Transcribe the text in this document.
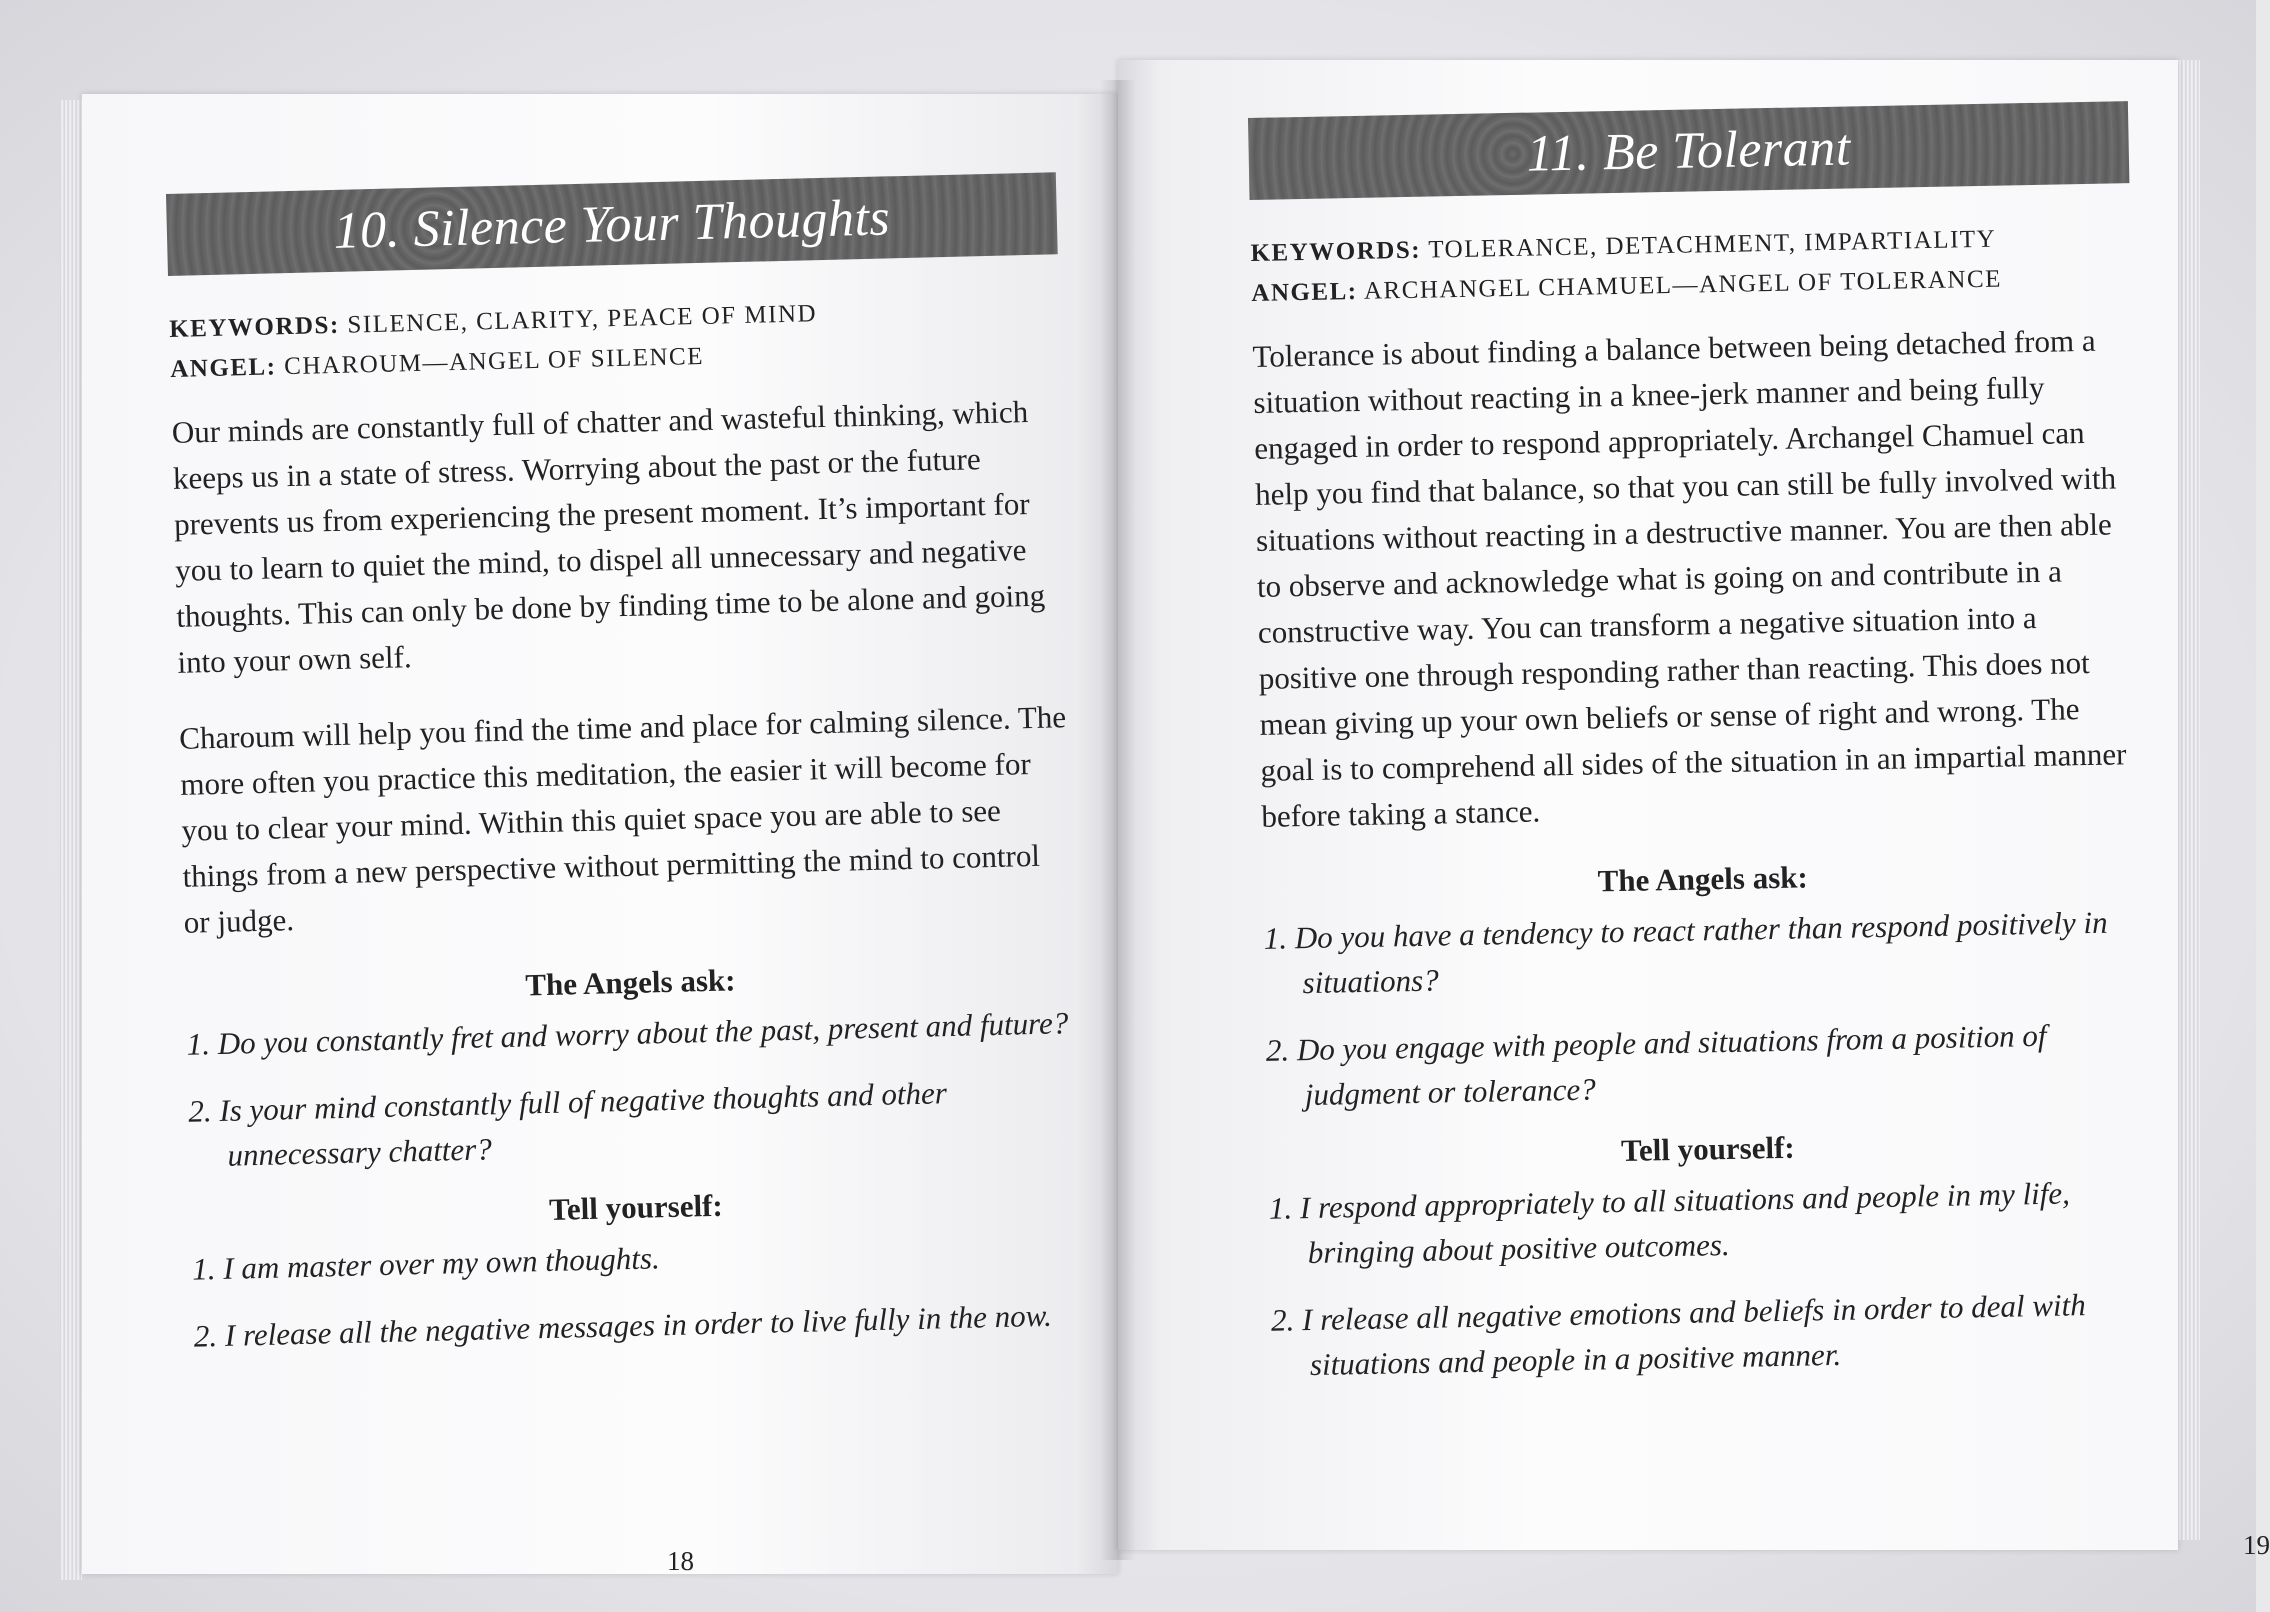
10. Silence Your Thoughts
KEYWORDS: SILENCE, CLARITY, PEACE OF MIND
ANGEL: CHAROUM—ANGEL OF SILENCE

Our minds are constantly full of chatter and wasteful thinking, which keeps us in a state of stress. Worrying about the past or the future prevents us from experiencing the present moment. It’s important for you to learn to quiet the mind, to dispel all unnecessary and negative thoughts. This can only be done by finding time to be alone and going into your own self.

Charoum will help you find the time and place for calming silence. The more often you practice this meditation, the easier it will become for you to clear your mind. Within this quiet space you are able to see things from a new perspective without permitting the mind to control or judge.

The Angels ask:
1. Do you constantly fret and worry about the past, present and future?
2. Is your mind constantly full of negative thoughts and other unnecessary chatter?
Tell yourself:
1. I am master over my own thoughts.
2. I release all the negative messages in order to live fully in the now.
18
11. Be Tolerant
KEYWORDS: TOLERANCE, DETACHMENT, IMPARTIALITY
ANGEL: ARCHANGEL CHAMUEL—ANGEL OF TOLERANCE

Tolerance is about finding a balance between being detached from a situation without reacting in a knee-jerk manner and being fully engaged in order to respond appropriately. Archangel Chamuel can help you find that balance, so that you can still be fully involved with situations without reacting in a destructive manner. You are then able to observe and acknowledge what is going on and contribute in a constructive way. You can transform a negative situation into a positive one through responding rather than reacting. This does not mean giving up your own beliefs or sense of right and wrong. The goal is to comprehend all sides of the situation in an impartial manner before taking a stance.

The Angels ask:
1. Do you have a tendency to react rather than respond positively in situations?
2. Do you engage with people and situations from a position of judgment or tolerance?
Tell yourself:
1. I respond appropriately to all situations and people in my life, bringing about positive outcomes.
2. I release all negative emotions and beliefs in order to deal with situations and people in a positive manner.
19
